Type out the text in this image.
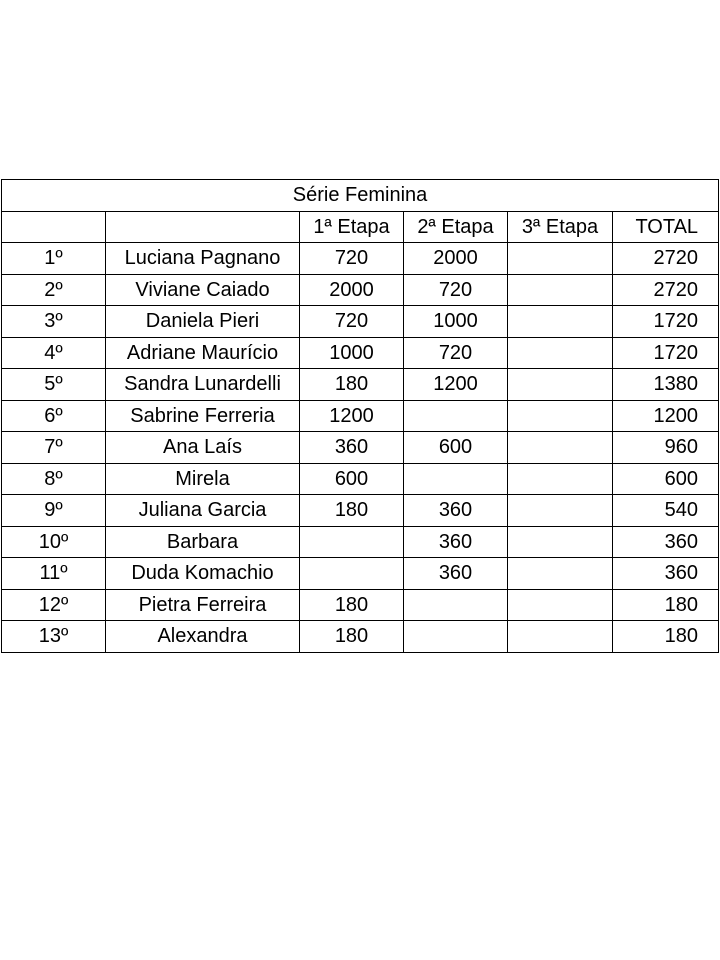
Série Feminina					
		1ª Etapa	2ª Etapa	3ª Etapa	TOTAL
1º	Luciana Pagnano	720	2000		2720
2º	Viviane Caiado	2000	720		2720
3º	Daniela Pieri	720	1000		1720
4º	Adriane Maurício	1000	720		1720
5º	Sandra Lunardelli	180	1200		1380
6º	Sabrine Ferreria	1200			1200
7º	Ana Laís	360	600		960
8º	Mirela	600			600
9º	Juliana Garcia	180	360		540
10º	Barbara		360		360
11º	Duda Komachio		360		360
12º	Pietra Ferreira	180			180
13º	Alexandra	180			180
